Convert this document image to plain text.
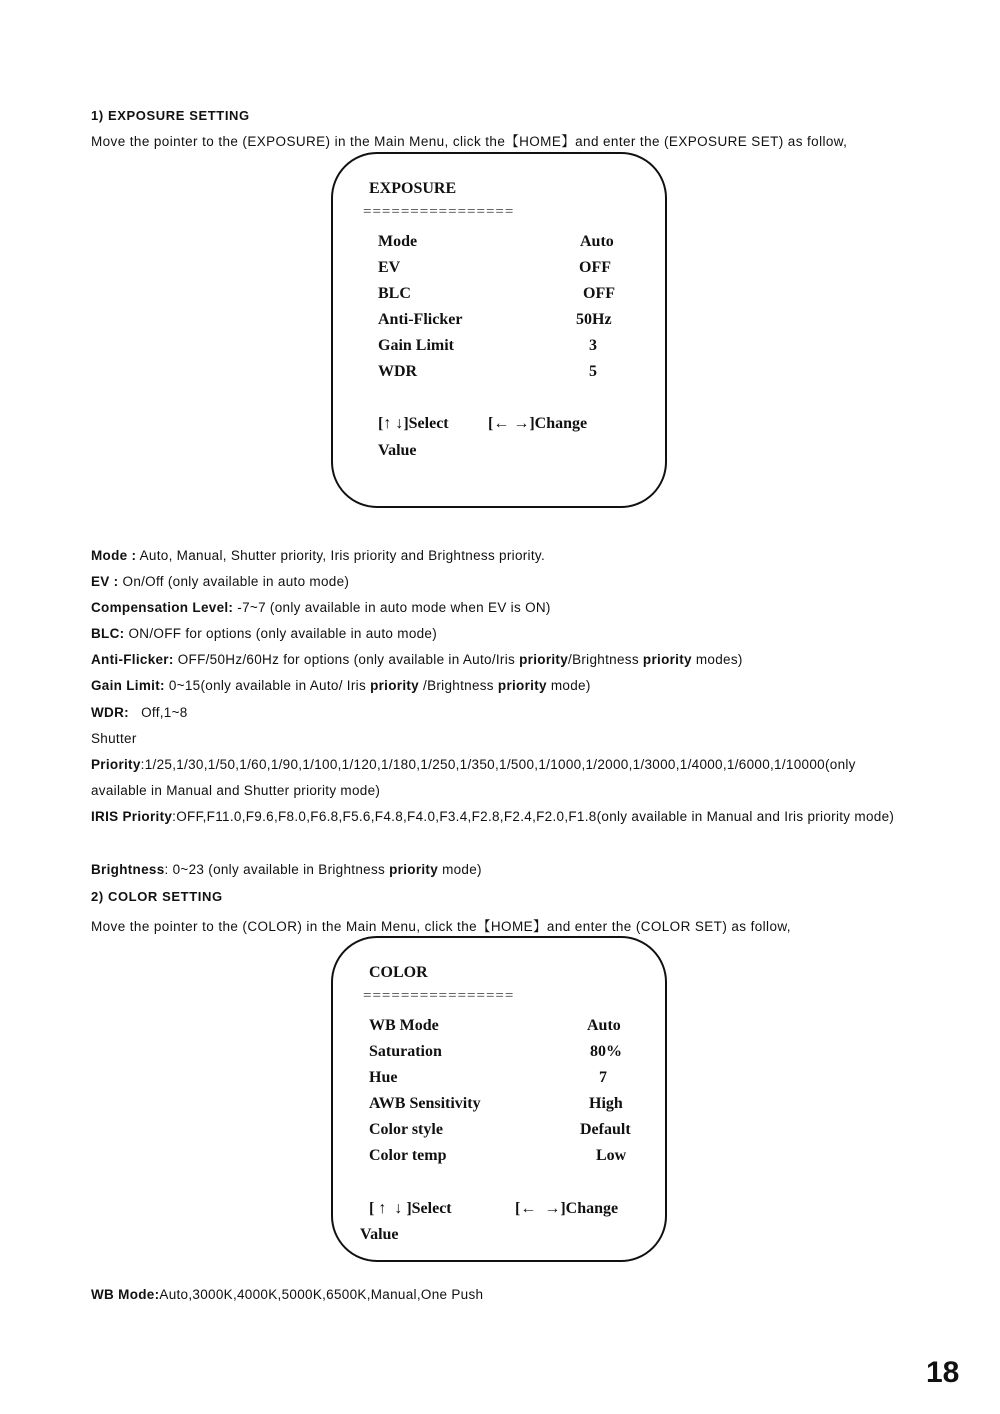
1) EXPOSURE SETTING
Move the pointer to the (EXPOSURE) in the Main Menu, click the【HOME】and enter the (EXPOSURE SET) as follow,
EXPOSURE
================
Mode	Auto
EV	OFF
BLC	OFF
Anti-Flicker	50Hz
Gain Limit	3
WDR	5
[↑ ↓]Select [← →]Change
Value
Mode : Auto, Manual, Shutter priority, Iris priority and Brightness priority.
EV : On/Off (only available in auto mode)
Compensation Level: -7~7 (only available in auto mode when EV is ON)
BLC: ON/OFF for options (only available in auto mode)
Anti-Flicker: OFF/50Hz/60Hz for options (only available in Auto/Iris priority/Brightness priority modes)
Gain Limit: 0~15(only available in Auto/ Iris priority /Brightness priority mode)
WDR:   Off,1~8
Shutter
Priority:1/25,1/30,1/50,1/60,1/90,1/100,1/120,1/180,1/250,1/350,1/500,1/1000,1/2000,1/3000,1/4000,1/6000,1/10000(only available in Manual and Shutter priority mode)
IRIS Priority:OFF,F11.0,F9.6,F8.0,F6.8,F5.6,F4.8,F4.0,F3.4,F2.8,F2.4,F2.0,F1.8(only available in Manual and Iris priority mode)
Brightness: 0~23 (only available in Brightness priority mode)
2) COLOR SETTING
Move the pointer to the (COLOR) in the Main Menu, click the【HOME】and enter the (COLOR SET) as follow,
COLOR
================
WB Mode	Auto
Saturation	80%
Hue	7
AWB Sensitivity	High
Color style	Default
Color temp	Low
[ ↑  ↓ ]Select	[←  →]Change
Value
WB Mode:Auto,3000K,4000K,5000K,6500K,Manual,One Push
18
